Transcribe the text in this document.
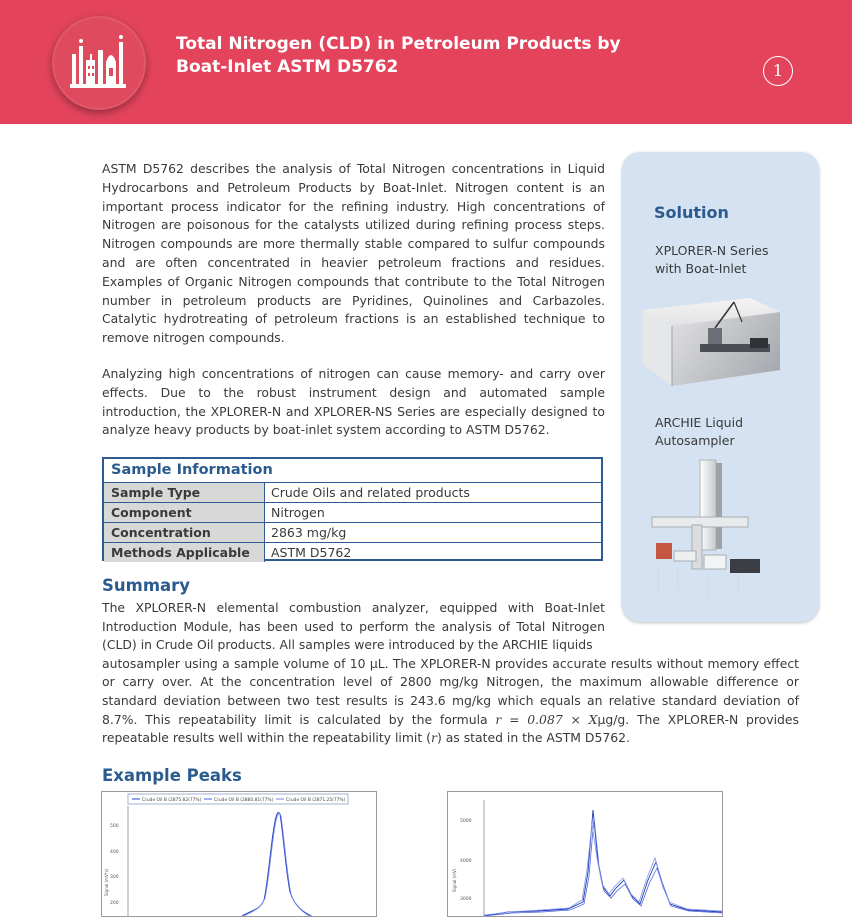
Total Nitrogen (CLD) in Petroleum Products by
Boat-Inlet ASTM D5762	1
ASTM D5762 describes the analysis of Total Nitrogen concentrations in Liquid Hydrocarbons and Petroleum Products by Boat-Inlet. Nitrogen content is an important process indicator for the refining industry. High concentrations of Nitrogen are poisonous for the catalysts utilized during refining process steps. Nitrogen compounds are more thermally stable compared to sulfur compounds and are often concentrated in heavier petroleum fractions and residues. Examples of Organic Nitrogen compounds that contribute to the Total Nitrogen number in petroleum products are Pyridines, Quinolines and Carbazoles. Catalytic hydrotreating of petroleum fractions is an established technique to remove nitrogen compounds.
Analyzing high concentrations of nitrogen can cause memory- and carry over effects. Due to the robust instrument design and automated sample introduction, the XPLORER-N and XPLORER-NS Series are especially designed to analyze heavy products by boat-inlet system according to ASTM D5762.
Sample Information
Sample Type	Crude Oils and related products
Component	Nitrogen
Concentration	2863 mg/kg
Methods Applicable	ASTM D5762
Solution
XPLORER-N Series
with Boat-Inlet
ARCHIE Liquid
Autosampler
Summary
The XPLORER-N elemental combustion analyzer, equipped with Boat-Inlet Introduction Module, has been used to perform the analysis of Total Nitrogen (CLD) in Crude Oil products. All samples were introduced by the ARCHIE liquids
autosampler using a sample volume of 10 µL. The XPLORER-N provides accurate results without memory effect or carry over. At the concentration level of 2800 mg/kg Nitrogen, the maximum allowable difference or standard deviation between two test results is 243.6 mg/kg which equals an relative standard deviation of 8.7%. This repeatability limit is calculated by the formula r = 0.087 × Xµg/g. The XPLORER-N provides repeatable results well within the repeatability limit (r) as stated in the ASTM D5762.
Example Peaks
Crude Oil B (2875.82(77%)	Crude Oil B (2880.81(77%)	Crude Oil B (2871.25(77%)
500
400
300
200
Signal (mV*s)
5000
4000
3000
Signal (mV)
